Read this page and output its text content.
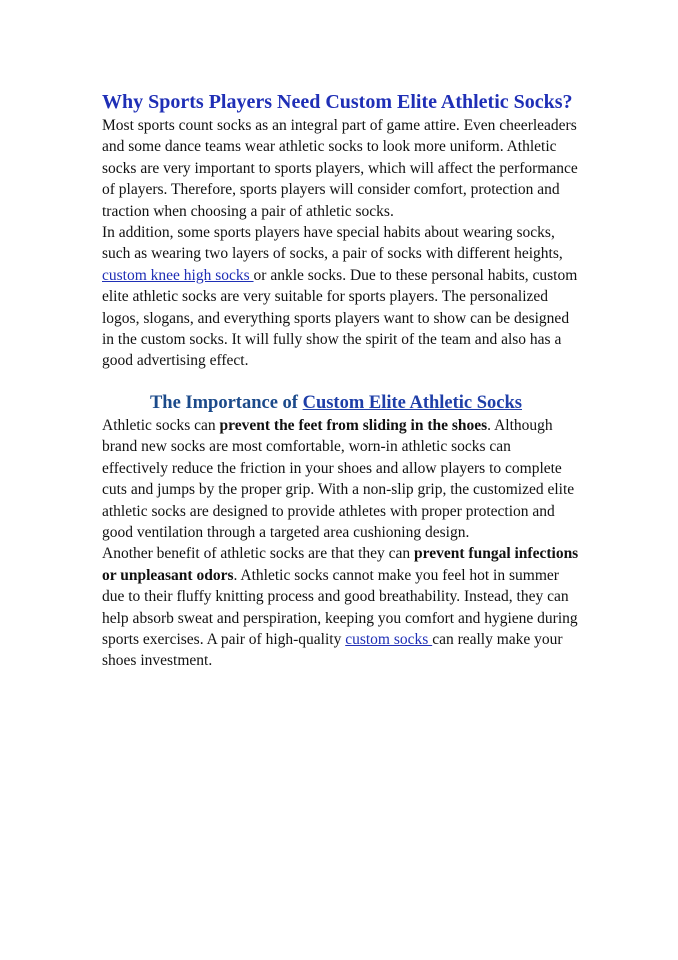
Why Sports Players Need Custom Elite Athletic Socks?

Most sports count socks as an integral part of game attire. Even cheerleaders and some dance teams wear athletic socks to look more uniform. Athletic socks are very important to sports players, which will affect the performance of players. Therefore, sports players will consider comfort, protection and traction when choosing a pair of athletic socks.

In addition, some sports players have special habits about wearing socks, such as wearing two layers of socks, a pair of socks with different heights, custom knee high socks or ankle socks. Due to these personal habits, custom elite athletic socks are very suitable for sports players. The personalized logos, slogans, and everything sports players want to show can be designed in the custom socks. It will fully show the spirit of the team and also has a good advertising effect.

The Importance of Custom Elite Athletic Socks

Athletic socks can prevent the feet from sliding in the shoes. Although brand new socks are most comfortable, worn-in athletic socks can effectively reduce the friction in your shoes and allow players to complete cuts and jumps by the proper grip. With a non-slip grip, the customized elite athletic socks are designed to provide athletes with proper protection and good ventilation through a targeted area cushioning design.

Another benefit of athletic socks are that they can prevent fungal infections or unpleasant odors. Athletic socks cannot make you feel hot in summer due to their fluffy knitting process and good breathability. Instead, they can help absorb sweat and perspiration, keeping you comfort and hygiene during sports exercises. A pair of high-quality custom socks can really make your shoes investment.
